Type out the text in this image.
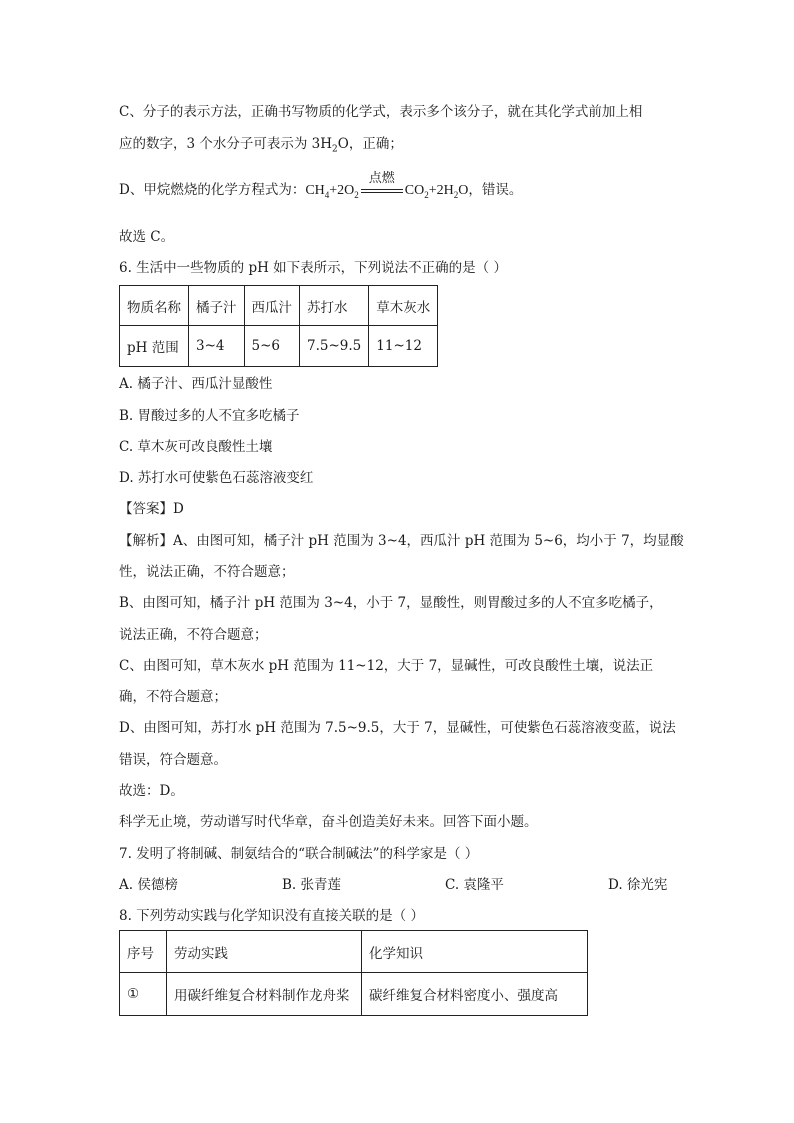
C、分子的表示方法，正确书写物质的化学式，表示多个该分子，就在其化学式前加上相
应的数字，3 个水分子可表示为 $3H_2O$，正确；
D、甲烷燃烧的化学方程式为：$CH_4+2O_2$
点燃
$CO_2+2H_2O$，错误。
故选 C。
6. 生活中一些物质的 pH 如下表所示，下列说法不正确的是（ ）
物质名称	橘子汁	西瓜汁	苏打水	草木灰水
pH 范围	3~4	5~6	7.5~9.5	11~12
A. 橘子汁、西瓜汁显酸性
B. 胃酸过多的人不宜多吃橘子
C. 草木灰可改良酸性土壤
D. 苏打水可使紫色石蕊溶液变红
【答案】D
【解析】A、由图可知，橘子汁 pH 范围为 3~4，西瓜汁 pH 范围为 5~6，均小于 7，均显酸
性，说法正确，不符合题意；
B、由图可知，橘子汁 pH 范围为 3~4，小于 7，显酸性，则胃酸过多的人不宜多吃橘子，
说法正确，不符合题意；
C、由图可知，草木灰水 pH 范围为 11~12，大于 7，显碱性，可改良酸性土壤，说法正
确，不符合题意；
D、由图可知，苏打水 pH 范围为 7.5~9.5，大于 7，显碱性，可使紫色石蕊溶液变蓝，说法
错误，符合题意。
故选：D。
科学无止境，劳动谱写时代华章，奋斗创造美好未来。回答下面小题。
7. 发明了将制碱、制氨结合的“联合制碱法”的科学家是（ ）
A. 侯德榜	B. 张青莲	C. 袁隆平	D. 徐光宪
8. 下列劳动实践与化学知识没有直接关联的是（ ）
序号	劳动实践	化学知识
①	用碳纤维复合材料制作龙舟桨	碳纤维复合材料密度小、强度高
